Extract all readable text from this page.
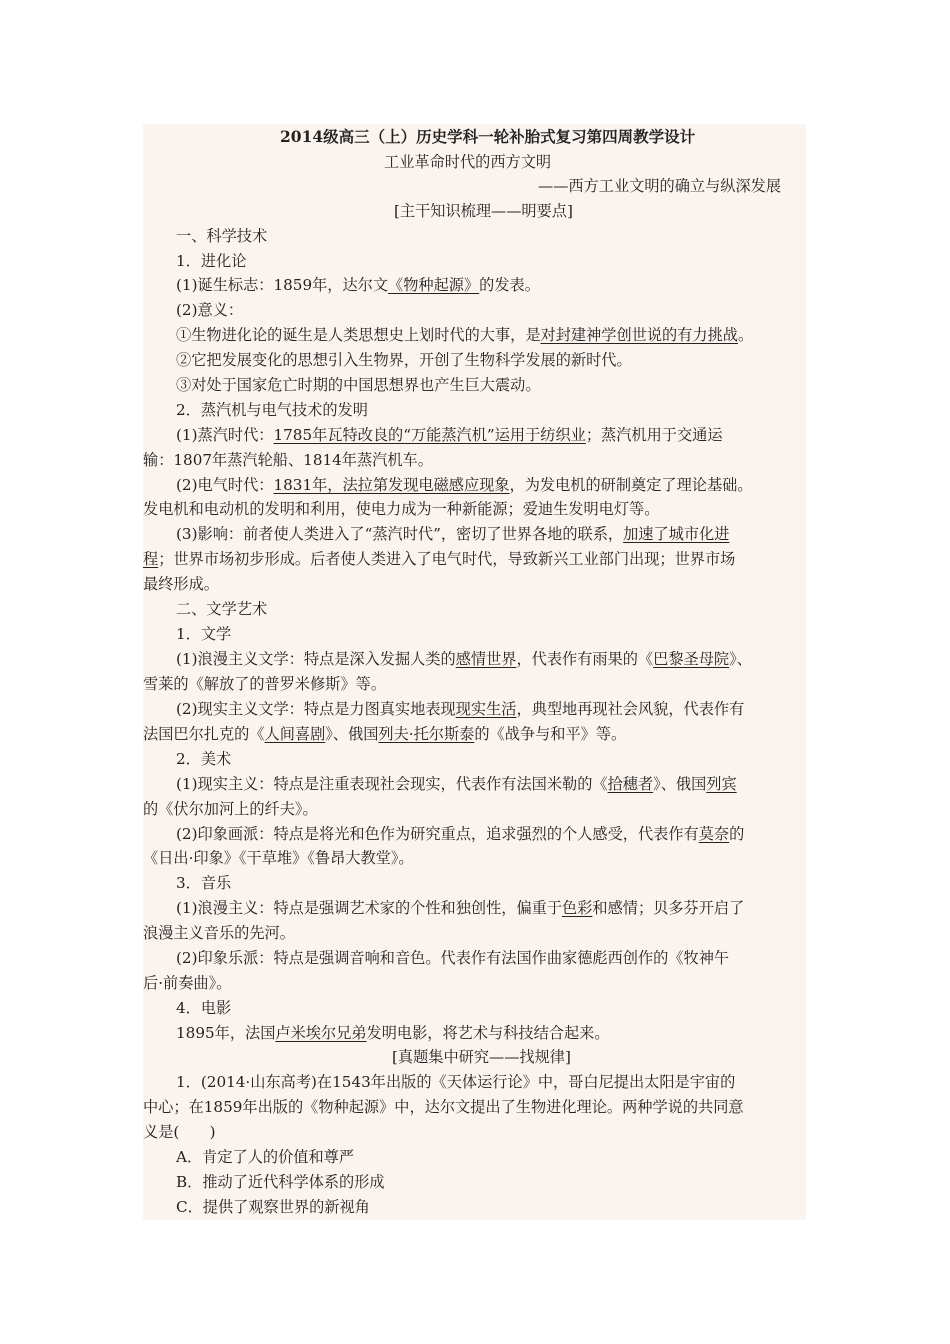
2014级高三（上）历史学科一轮补胎式复习第四周教学设计
工业革命时代的西方文明
——西方工业文明的确立与纵深发展
[主干知识梳理——明要点]
一、科学技术
1．进化论
(1)诞生标志：1859年，达尔文《物种起源》的发表。
(2)意义：
①生物进化论的诞生是人类思想史上划时代的大事，是对封建神学创世说的有力挑战。
②它把发展变化的思想引入生物界，开创了生物科学发展的新时代。
③对处于国家危亡时期的中国思想界也产生巨大震动。
2．蒸汽机与电气技术的发明
(1)蒸汽时代：1785年瓦特改良的“万能蒸汽机”运用于纺织业；蒸汽机用于交通运
输：1807年蒸汽轮船、1814年蒸汽机车。
(2)电气时代：1831年，法拉第发现电磁感应现象，为发电机的研制奠定了理论基础。
发电机和电动机的发明和利用，使电力成为一种新能源；爱迪生发明电灯等。
(3)影响：前者使人类进入了“蒸汽时代”，密切了世界各地的联系，加速了城市化进
程；世界市场初步形成。后者使人类进入了电气时代，导致新兴工业部门出现；世界市场
最终形成。
二、文学艺术
1．文学
(1)浪漫主义文学：特点是深入发掘人类的感情世界，代表作有雨果的《巴黎圣母院》、
雪莱的《解放了的普罗米修斯》等。
(2)现实主义文学：特点是力图真实地表现现实生活，典型地再现社会风貌，代表作有
法国巴尔扎克的《人间喜剧》、俄国列夫·托尔斯泰的《战争与和平》等。
2．美术
(1)现实主义：特点是注重表现社会现实，代表作有法国米勒的《拾穗者》、俄国列宾
的《伏尔加河上的纤夫》。
(2)印象画派：特点是将光和色作为研究重点，追求强烈的个人感受，代表作有莫奈的
《日出·印象》《干草堆》《鲁昂大教堂》。
3．音乐
(1)浪漫主义：特点是强调艺术家的个性和独创性，偏重于色彩和感情；贝多芬开启了
浪漫主义音乐的先河。
(2)印象乐派：特点是强调音响和音色。代表作有法国作曲家德彪西创作的《牧神午
后·前奏曲》。
4．电影
1895年，法国卢米埃尔兄弟发明电影，将艺术与科技结合起来。
[真题集中研究——找规律]
1．(2014·山东高考)在1543年出版的《天体运行论》中，哥白尼提出太阳是宇宙的
中心；在1859年出版的《物种起源》中，达尔文提出了生物进化理论。两种学说的共同意
义是(　　)
A．肯定了人的价值和尊严
B．推动了近代科学体系的形成
C．提供了观察世界的新视角
